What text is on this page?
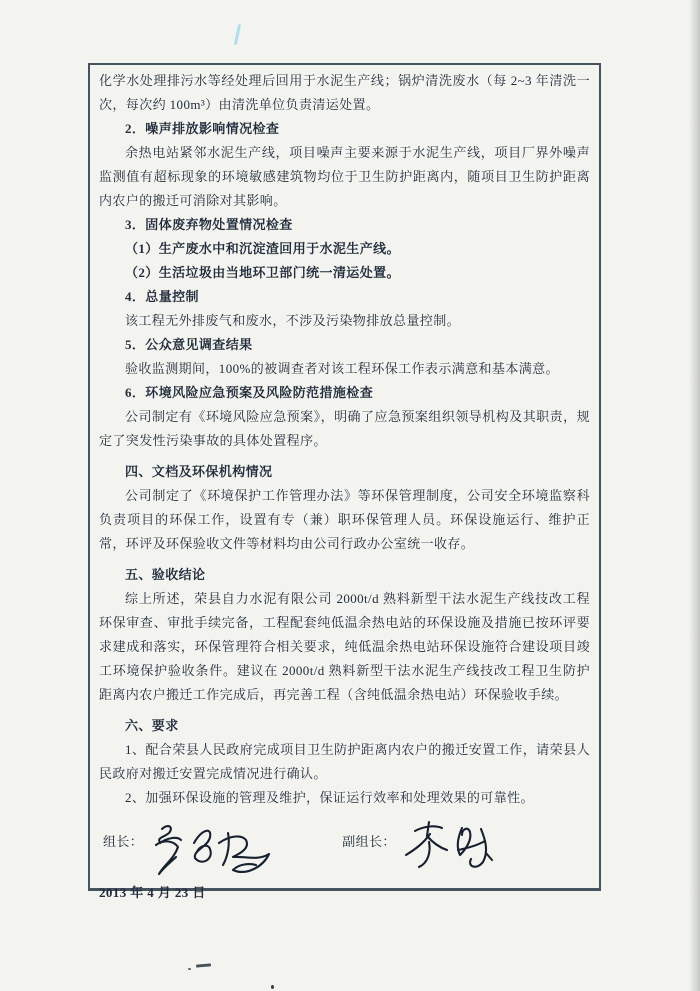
化学水处理排污水等经处理后回用于水泥生产线；锅炉清洗废水（每 2~3 年清洗一次，每次约 100m³）由清洗单位负责清运处置。

2．噪声排放影响情况检查

余热电站紧邻水泥生产线，项目噪声主要来源于水泥生产线，项目厂界外噪声监测值有超标现象的环境敏感建筑物均位于卫生防护距离内，随项目卫生防护距离内农户的搬迁可消除对其影响。

3．固体废弃物处置情况检查

（1）生产废水中和沉淀渣回用于水泥生产线。

（2）生活垃圾由当地环卫部门统一清运处置。

4．总量控制

该工程无外排废气和废水，不涉及污染物排放总量控制。

5．公众意见调查结果

验收监测期间，100%的被调查者对该工程环保工作表示满意和基本满意。

6．环境风险应急预案及风险防范措施检查

公司制定有《环境风险应急预案》，明确了应急预案组织领导机构及其职责，规定了突发性污染事故的具体处置程序。

四、文档及环保机构情况

公司制定了《环境保护工作管理办法》等环保管理制度，公司安全环境监察科负责项目的环保工作，设置有专（兼）职环保管理人员。环保设施运行、维护正常，环评及环保验收文件等材料均由公司行政办公室统一收存。

五、验收结论

综上所述，荣县自力水泥有限公司 2000t/d 熟料新型干法水泥生产线技改工程环保审查、审批手续完备，工程配套纯低温余热电站的环保设施及措施已按环评要求建成和落实，环保管理符合相关要求，纯低温余热电站环保设施符合建设项目竣工环境保护验收条件。建议在 2000t/d 熟料新型干法水泥生产线技改工程卫生防护距离内农户搬迁工作完成后，再完善工程（含纯低温余热电站）环保验收手续。

六、要求

1、配合荣县人民政府完成项目卫生防护距离内农户的搬迁安置工作，请荣县人民政府对搬迁安置完成情况进行确认。

2、加强环保设施的管理及维护，保证运行效率和处理效果的可靠性。

组长：	副组长：

2013 年 4 月 23 日
